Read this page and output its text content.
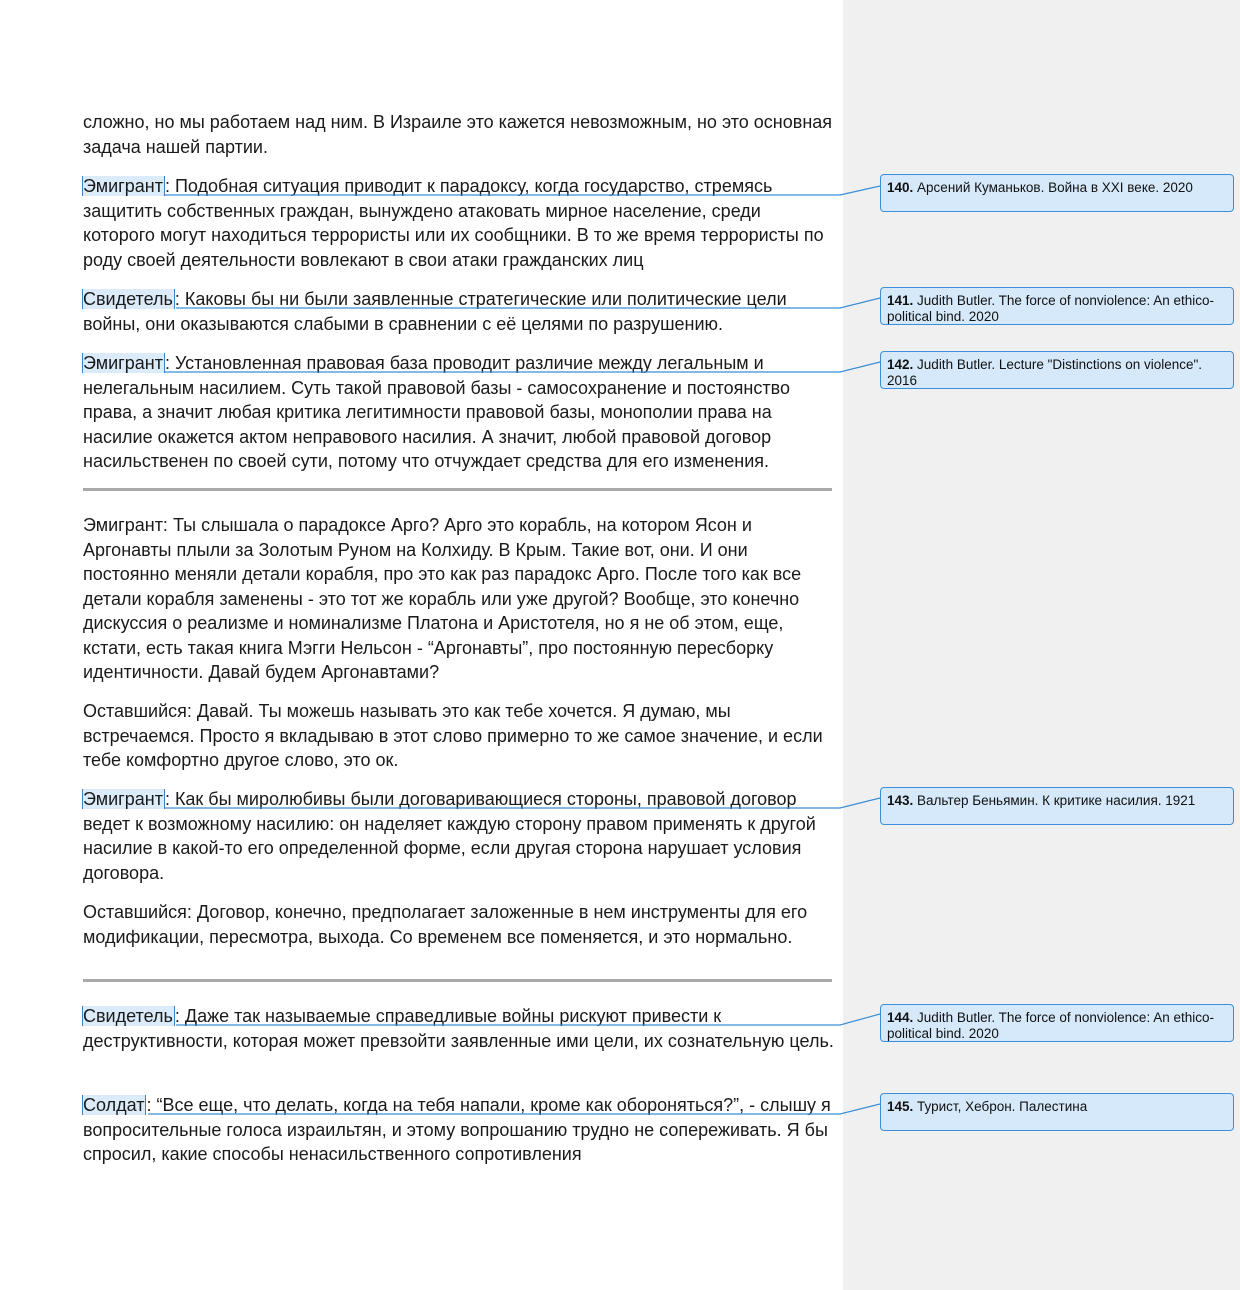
сложно, но мы работаем над ним. В Израиле это кажется невозможным, но это основная задача нашей партии.

Эмигрант : Подобная ситуация приводит к парадоксу, когда государство, стремясь защитить собственных граждан, вынуждено атаковать мирное население, среди которого могут находиться террористы или их сообщники. В то же время террористы по роду своей деятельности вовлекают в свои атаки гражданских лиц

Свидетель : Каковы бы ни были заявленные стратегические или политические цели войны, они оказываются слабыми в сравнении с её целями по разрушению.

Эмигрант : Установленная правовая база проводит различие между легальным и нелегальным насилием. Суть такой правовой базы - самосохранение и постоянство права, а значит любая критика легитимности правовой базы, монополии права на насилие окажется актом неправового насилия. А значит, любой правовой договор насильственен по своей сути, потому что отчуждает средства для его изменения.

Эмигрант: Ты слышала о парадоксе Арго? Арго это корабль, на котором Ясон и Аргонавты плыли за Золотым Руном на Колхиду. В Крым. Такие вот, они. И они постоянно меняли детали корабля, про это как раз парадокс Арго. После того как все детали корабля заменены - это тот же корабль или уже другой? Вообще, это конечно дискуссия о реализме и номинализме Платона и Аристотеля, но я не об этом, еще, кстати, есть такая книга Мэгги Нельсон - “Аргонавты”, про постоянную пересборку идентичности. Давай будем Аргонавтами?

Оставшийся: Давай. Ты можешь называть это как тебе хочется. Я думаю, мы встречаемся. Просто я вкладываю в этот слово примерно то же самое значение, и если тебе комфортно другое слово, это ок.

Эмигрант : Как бы миролюбивы были договаривающиеся стороны, правовой договор ведет к возможному насилию: он наделяет каждую сторону правом применять к другой насилие в какой-то его определенной форме, если другая сторона нарушает условия договора.

Оставшийся: Договор, конечно, предполагает заложенные в нем инструменты для его модификации, пересмотра, выхода. Со временем все поменяется, и это нормально.

Свидетель : Даже так называемые справедливые войны рискуют привести к деструктивности, которая может превзойти заявленные ими цели, их сознательную цель.

Солдат : “Все еще, что делать, когда на тебя напали, кроме как обороняться?”, - слышу я вопросительные голоса израильтян, и этому вопрошанию трудно не сопереживать. Я бы спросил, какие способы ненасильственного сопротивления

140. Арсений Куманьков. Война в XXI веке. 2020
141. Judith Butler. The force of nonviolence: An ethico-political bind. 2020
142. Judith Butler. Lecture "Distinctions on violence". 2016
143. Вальтер Беньямин. К критике насилия. 1921
144. Judith Butler. The force of nonviolence: An ethico-political bind. 2020
145. Турист, Хеброн. Палестина
